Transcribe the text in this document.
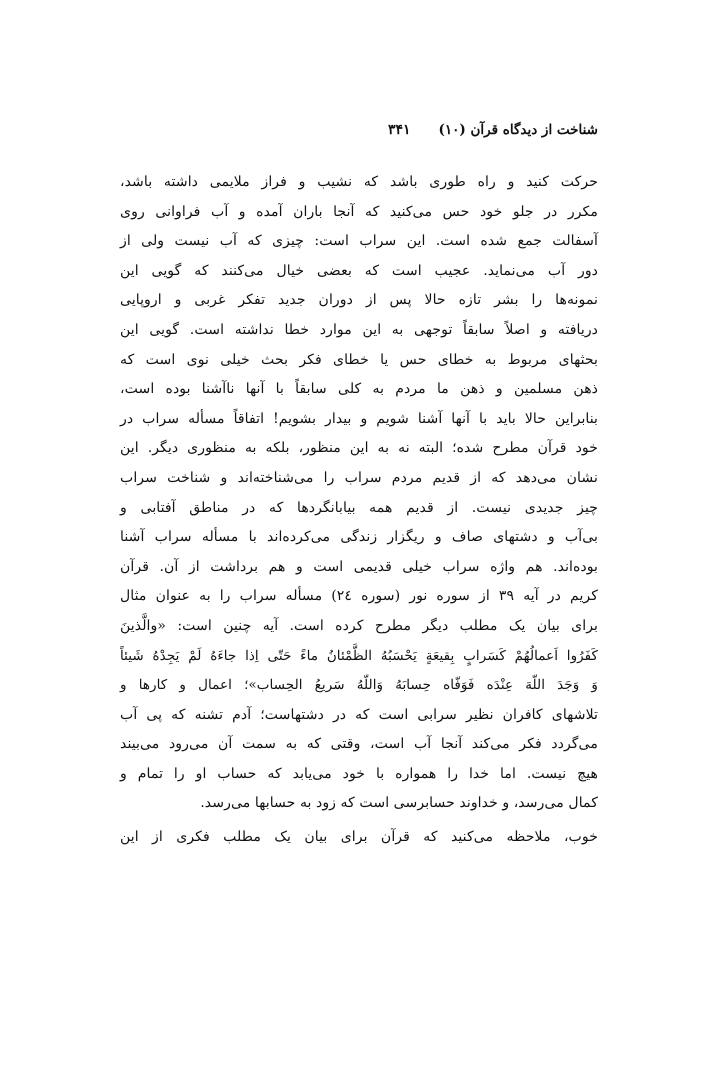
شناخت از دیدگاه قرآن (۱۰)
۳۴۱
حرکت کنید و راه طوری باشد که نشیب و فراز ملایمی داشته باشد،
مکرر در جلو خود حس می‌کنید که آنجا باران آمده و آب فراوانی روی
آسفالت جمع شده است. این سراب است: چیزی که آب نیست ولی از
دور آب می‌نماید. عجیب است که بعضی خیال می‌کنند که گویی این
نمونه‌ها را بشر تازه حالا پس از دوران جدید تفکر غربی و اروپایی
دریافته و اصلاً سابقاً توجهی به این موارد خطا نداشته است. گویی این
بحثهای مربوط به خطای حس یا خطای فکر بحث خیلی نوی است که
ذهن مسلمین و ذهن ما مردم به کلی سابقاً با آنها ناآشنا بوده است،
بنابراین حالا باید با آنها آشنا شویم و بیدار بشویم! اتفاقاً مسأله سراب در
خود قرآن مطرح شده؛ البته نه به این منظور، بلکه به منظوری دیگر. این
نشان می‌دهد که از قدیم مردم سراب را می‌شناخته‌اند و شناخت سراب
چیز جدیدی نیست. از قدیم همه بیابانگردها که در مناطق آفتابی و
بی‌آب و دشتهای صاف و ریگزار زندگی می‌کرده‌اند با مسأله سراب آشنا
بوده‌اند. هم واژه سراب خیلی قدیمی است و هم برداشت از آن. قرآن
کریم در آیه ۳۹ از سوره نور (سوره ٢٤) مسأله سراب را به عنوان مثال
برای بیان یک مطلب دیگر مطرح کرده است. آیه چنین است: «والَّذینَ
کَفَرُوا اَعمالُهُمْ کَسَرابٍ بِقیعَةٍ یَحْسَبُهُ الظَّمْئانُ ماءً حَتّی اِذا جاءَهُ لَمْ یَجِدْهُ شَیئاً
وَ وَجَدَ اللّهَ عِنْدَه فَوَفّاه حِسابَهُ وَاللّهُ سَریعُ الحِساب»؛ اعمال و کارها و
تلاشهای کافران نظیر سرابی است که در دشتهاست؛ آدم تشنه که پی آب
می‌گردد فکر می‌کند آنجا آب است، وقتی که به سمت آن می‌رود می‌بیند
هیچ نیست. اما خدا را همواره با خود می‌یابد که حساب او را تمام و
کمال می‌رسد، و خداوند حسابرسی است که زود به حسابها می‌رسد.
خوب، ملاحظه می‌کنید که قرآن برای بیان یک مطلب فکری از این
